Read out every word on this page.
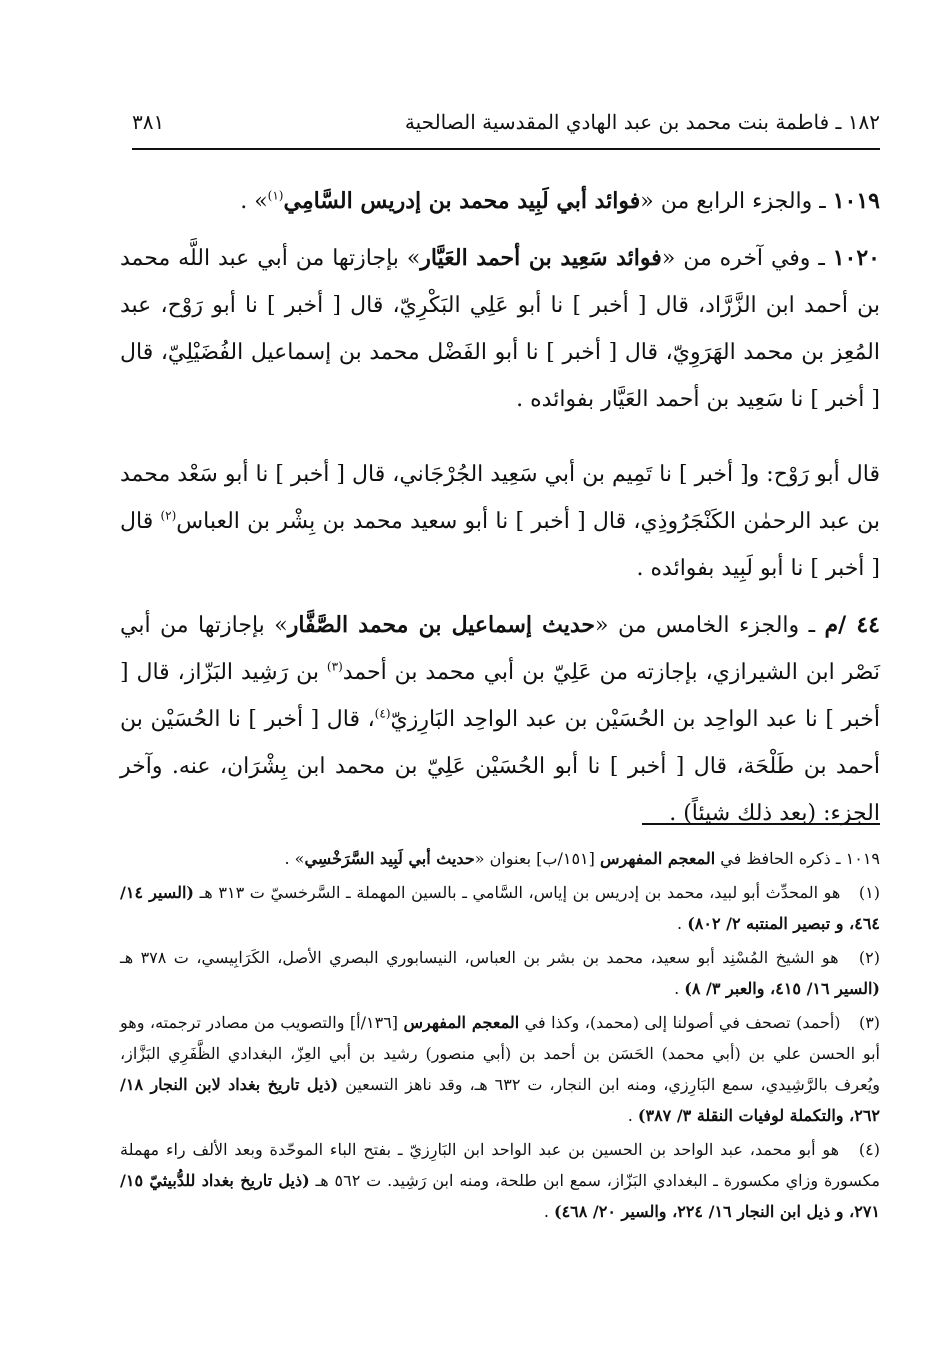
١٨٢ ـ فاطمة بنت محمد بن عبد الهادي المقدسية الصالحية
٣٨١

١٠١٩ ـ والجزء الرابع من «فوائد أبي لَبِيد محمد بن إدريس السَّامِي$^{(١)}$» .

١٠٢٠ ـ وفي آخره من «فوائد سَعِيد بن أحمد العَيَّار» بإجازتها من أبي عبد اللَّه محمد بن أحمد ابن الزَّرَّاد، قال [ أخبر ] نا أبو عَلِي البَكْرِيّ، قال [ أخبر ] نا أبو رَوْح، عبد المُعِز بن محمد الهَرَوِيّ، قال [ أخبر ] نا أبو الفَضْل محمد بن إسماعيل الفُضَيْلِيّ، قال [ أخبر ] نا سَعِيد بن أحمد العَيَّار بفوائده .

قال أبو رَوْح: و[ أخبر ] نا تَمِيم بن أبي سَعِيد الجُرْجَاني، قال [ أخبر ] نا أبو سَعْد محمد بن عبد الرحمٰن الكَنْجَرُوذِي، قال [ أخبر ] نا أبو سعيد محمد بن بِشْر بن العباس$^{(٢)}$ قال [ أخبر ] نا أبو لَبِيد بفوائده .

٤٤ /م ـ والجزء الخامس من «حديث إسماعيل بن محمد الصَّفَّار» بإجازتها من أبي نَصْر ابن الشيرازي، بإجازته من عَلِيّ بن أبي محمد بن أحمد$^{(٣)}$ بن رَشِيد البَزّاز، قال [ أخبر ] نا عبد الواحِد بن الحُسَيْن بن عبد الواحِد البَارِزيّ$^{(٤)}$، قال [ أخبر ] نا الحُسَيْن بن أحمد بن طَلْحَة، قال [ أخبر ] نا أبو الحُسَيْن عَلِيّ بن محمد ابن بِشْرَان، عنه. وآخر الجزء: (بعد ذلك شيئاً) .

١٠١٩ ـ ذكره الحافظ في المعجم المفهرس [١٥١/ب] بعنوان «حديث أبي لَبِيد السَّرَخْسِي» .

(١) هو المحدِّث أبو لبيد، محمد بن إدريس بن إياس، السَّامي ـ بالسين المهملة ـ السَّرخسيّ ت ٣١٣ هـ (السير ١٤/ ٤٦٤، و تبصير المنتبه ٢/ ٨٠٢) .

(٢) هو الشيخ المُسْنِد أبو سعيد، محمد بن بشر بن العباس، النيسابوري البصري الأصل، الكَرَابِيسي، ت ٣٧٨ هـ (السير ١٦/ ٤١٥، والعبر ٣/ ٨) .

(٣) (أحمد) تصحف في أصولنا إلى (محمد)، وكذا في المعجم المفهرس [١٣٦/أ] والتصويب من مصادر ترجمته، وهو أبو الحسن علي بن (أبي محمد) الحَسَن بن أحمد بن (أبي منصور) رشيد بن أبي العِزّ، البغدادي الظَّفَرِي البَزَّاز، ويُعرف بالرَّشِيدي، سمع البَارِزي، ومنه ابن النجار، ت ٦٣٢ هـ، وقد ناهز التسعين (ذيل تاريخ بغداد لابن النجار ١٨/ ٢٦٢، والتكملة لوفيات النقلة ٣/ ٣٨٧) .

(٤) هو أبو محمد، عبد الواحد بن الحسين بن عبد الواحد ابن البَارِزيّ ـ بفتح الباء الموحّدة وبعد الألف راء مهملة مكسورة وزاي مكسورة ـ البغدادي البَزّاز، سمع ابن طلحة، ومنه ابن رَشِيد. ت ٥٦٢ هـ (ذيل تاريخ بغداد للدُّبيثيّ ١٥/ ٢٧١، و ذيل ابن النجار ١٦/ ٢٢٤، والسير ٢٠/ ٤٦٨) .
